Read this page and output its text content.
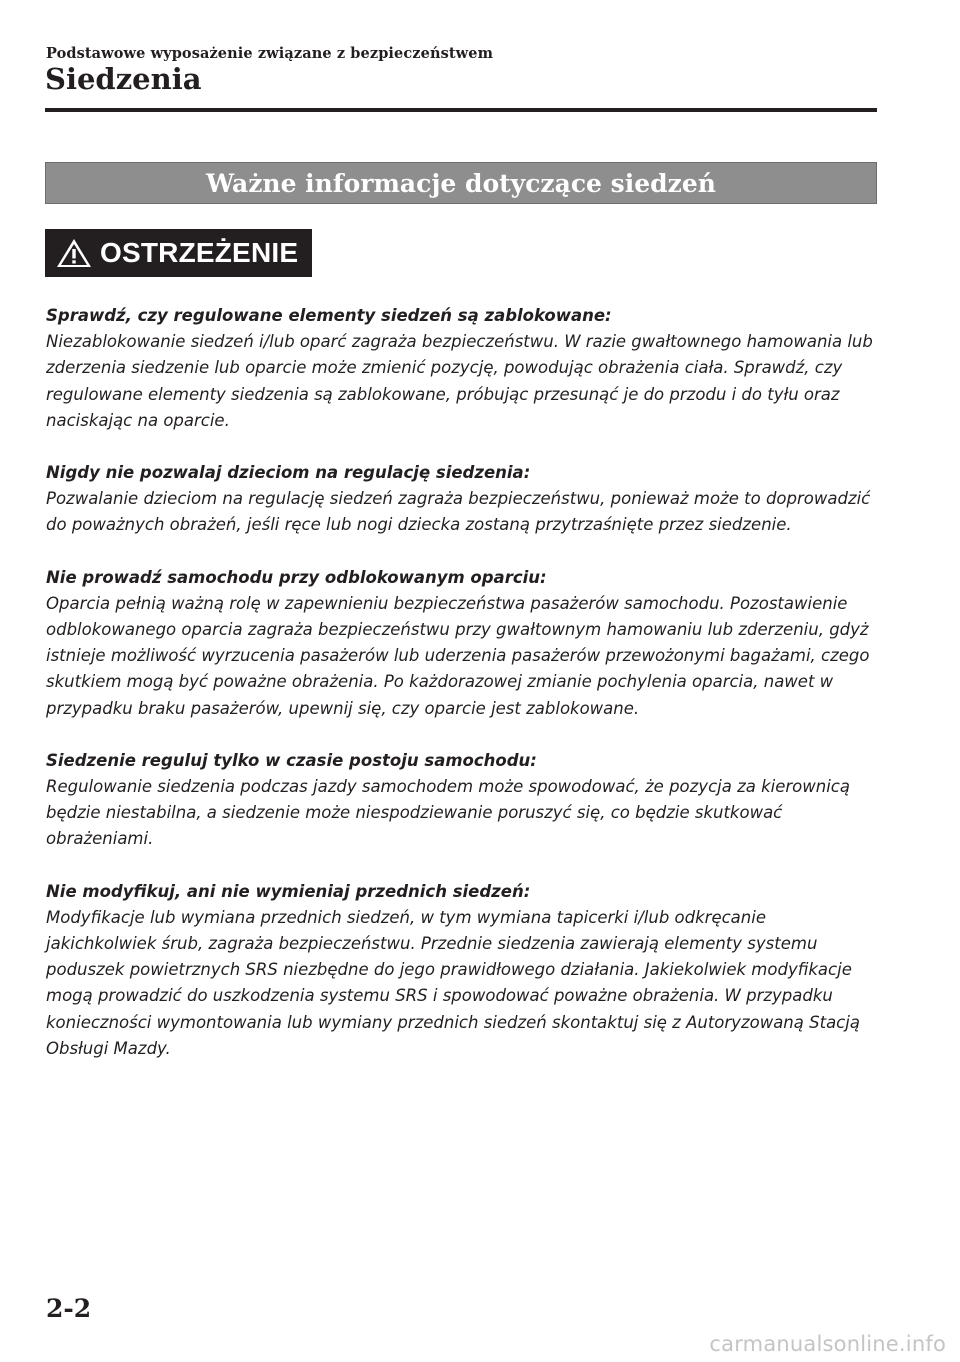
Podstawowe wyposażenie związane z bezpieczeństwem
Siedzenia
Ważne informacje dotyczące siedzeń
OSTRZEŻENIE

Sprawdź, czy regulowane elementy siedzeń są zablokowane:

Niezablokowanie siedzeń i/lub oparć zagraża bezpieczeństwu. W razie gwałtownego hamowania lub zderzenia siedzenie lub oparcie może zmienić pozycję, powodując obrażenia ciała. Sprawdź, czy regulowane elementy siedzenia są zablokowane, próbując przesunąć je do przodu i do tyłu oraz naciskając na oparcie.

Nigdy nie pozwalaj dzieciom na regulację siedzenia:

Pozwalanie dzieciom na regulację siedzeń zagraża bezpieczeństwu, ponieważ może to doprowadzić do poważnych obrażeń, jeśli ręce lub nogi dziecka zostaną przytrzaśnięte przez siedzenie.

Nie prowadź samochodu przy odblokowanym oparciu:

Oparcia pełnią ważną rolę w zapewnieniu bezpieczeństwa pasażerów samochodu. Pozostawienie odblokowanego oparcia zagraża bezpieczeństwu przy gwałtownym hamowaniu lub zderzeniu, gdyż istnieje możliwość wyrzucenia pasażerów lub uderzenia pasażerów przewożonymi bagażami, czego skutkiem mogą być poważne obrażenia. Po każdorazowej zmianie pochylenia oparcia, nawet w przypadku braku pasażerów, upewnij się, czy oparcie jest zablokowane.

Siedzenie reguluj tylko w czasie postoju samochodu:

Regulowanie siedzenia podczas jazdy samochodem może spowodować, że pozycja za kierownicą będzie niestabilna, a siedzenie może niespodziewanie poruszyć się, co będzie skutkować obrażeniami.

Nie modyfikuj, ani nie wymieniaj przednich siedzeń:

Modyfikacje lub wymiana przednich siedzeń, w tym wymiana tapicerki i/lub odkręcanie jakichkolwiek śrub, zagraża bezpieczeństwu. Przednie siedzenia zawierają elementy systemu poduszek powietrznych SRS niezbędne do jego prawidłowego działania. Jakiekolwiek modyfikacje mogą prowadzić do uszkodzenia systemu SRS i spowodować poważne obrażenia. W przypadku konieczności wymontowania lub wymiany przednich siedzeń skontaktuj się z Autoryzowaną Stacją Obsługi Mazdy.

2-2
carmanualsonline.info
